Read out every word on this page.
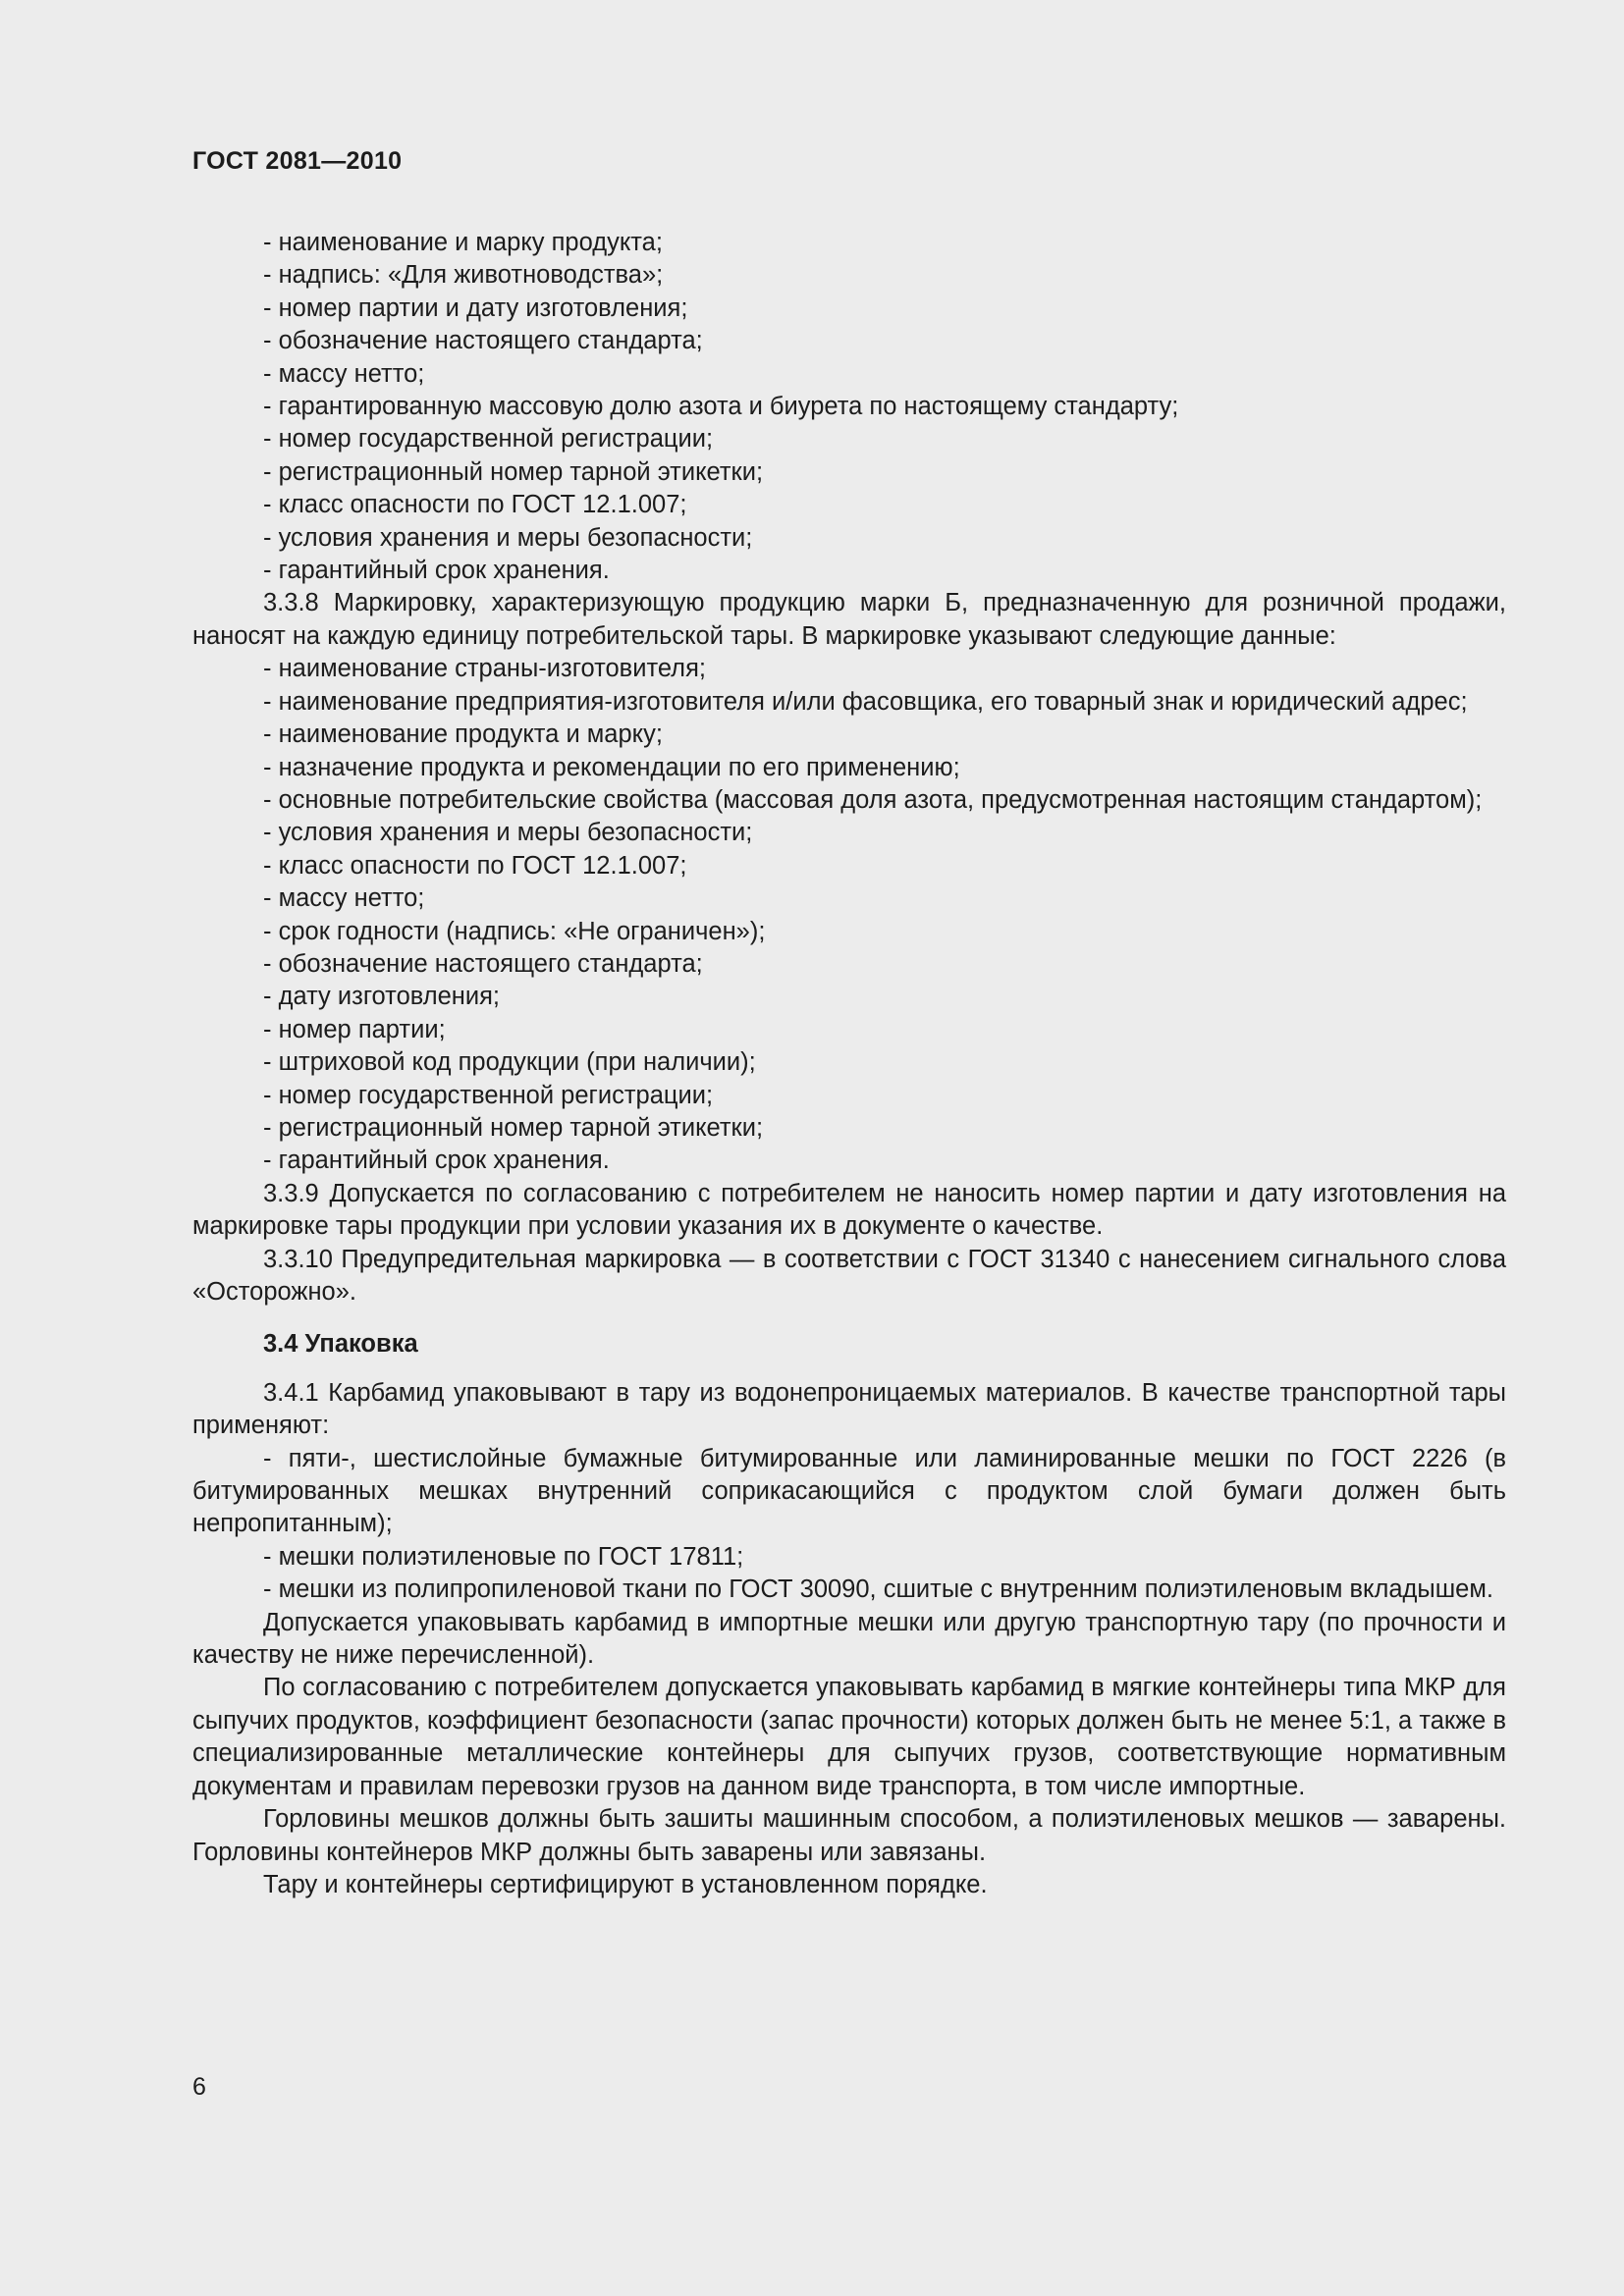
ГОСТ 2081—2010

- наименование и марку продукта;

- надпись: «Для животноводства»;

- номер партии и дату изготовления;

- обозначение настоящего стандарта;

- массу нетто;

- гарантированную массовую долю азота и биурета по настоящему стандарту;

- номер государственной регистрации;

- регистрационный номер тарной этикетки;

- класс опасности по ГОСТ 12.1.007;

- условия хранения и меры безопасности;

- гарантийный срок хранения.

3.3.8 Маркировку, характеризующую продукцию марки Б, предназначенную для розничной продажи, наносят на каждую единицу потребительской тары. В маркировке указывают следующие данные:

- наименование страны-изготовителя;

- наименование предприятия-изготовителя и/или фасовщика, его товарный знак и юридический адрес;

- наименование продукта и марку;

- назначение продукта и рекомендации по его применению;

- основные потребительские свойства (массовая доля азота, предусмотренная настоящим стандартом);

- условия хранения и меры безопасности;

- класс опасности по ГОСТ 12.1.007;

- массу нетто;

- срок годности (надпись: «Не ограничен»);

- обозначение настоящего стандарта;

- дату изготовления;

- номер партии;

- штриховой код продукции (при наличии);

- номер государственной регистрации;

- регистрационный номер тарной этикетки;

- гарантийный срок хранения.

3.3.9 Допускается по согласованию с потребителем не наносить номер партии и дату изготовления на маркировке тары продукции при условии указания их в документе о качестве.

3.3.10 Предупредительная маркировка — в соответствии с ГОСТ 31340 с нанесением сигнального слова «Осторожно».

3.4 Упаковка

3.4.1 Карбамид упаковывают в тару из водонепроницаемых материалов. В качестве транспортной тары применяют:

- пяти-, шестислойные бумажные битумированные или ламинированные мешки по ГОСТ 2226 (в битумированных мешках внутренний соприкасающийся с продуктом слой бумаги должен быть непропитанным);

- мешки полиэтиленовые по ГОСТ 17811;

- мешки из полипропиленовой ткани по ГОСТ 30090, сшитые с внутренним полиэтиленовым вкладышем.

Допускается упаковывать карбамид в импортные мешки или другую транспортную тару (по прочности и качеству не ниже перечисленной).

По согласованию с потребителем допускается упаковывать карбамид в мягкие контейнеры типа МКР для сыпучих продуктов, коэффициент безопасности (запас прочности) которых должен быть не менее 5:1, а также в специализированные металлические контейнеры для сыпучих грузов, соответствующие нормативным документам и правилам перевозки грузов на данном виде транспорта, в том числе импортные.

Горловины мешков должны быть зашиты машинным способом, а полиэтиленовых мешков — заварены. Горловины контейнеров МКР должны быть заварены или завязаны.

Тару и контейнеры сертифицируют в установленном порядке.

6
